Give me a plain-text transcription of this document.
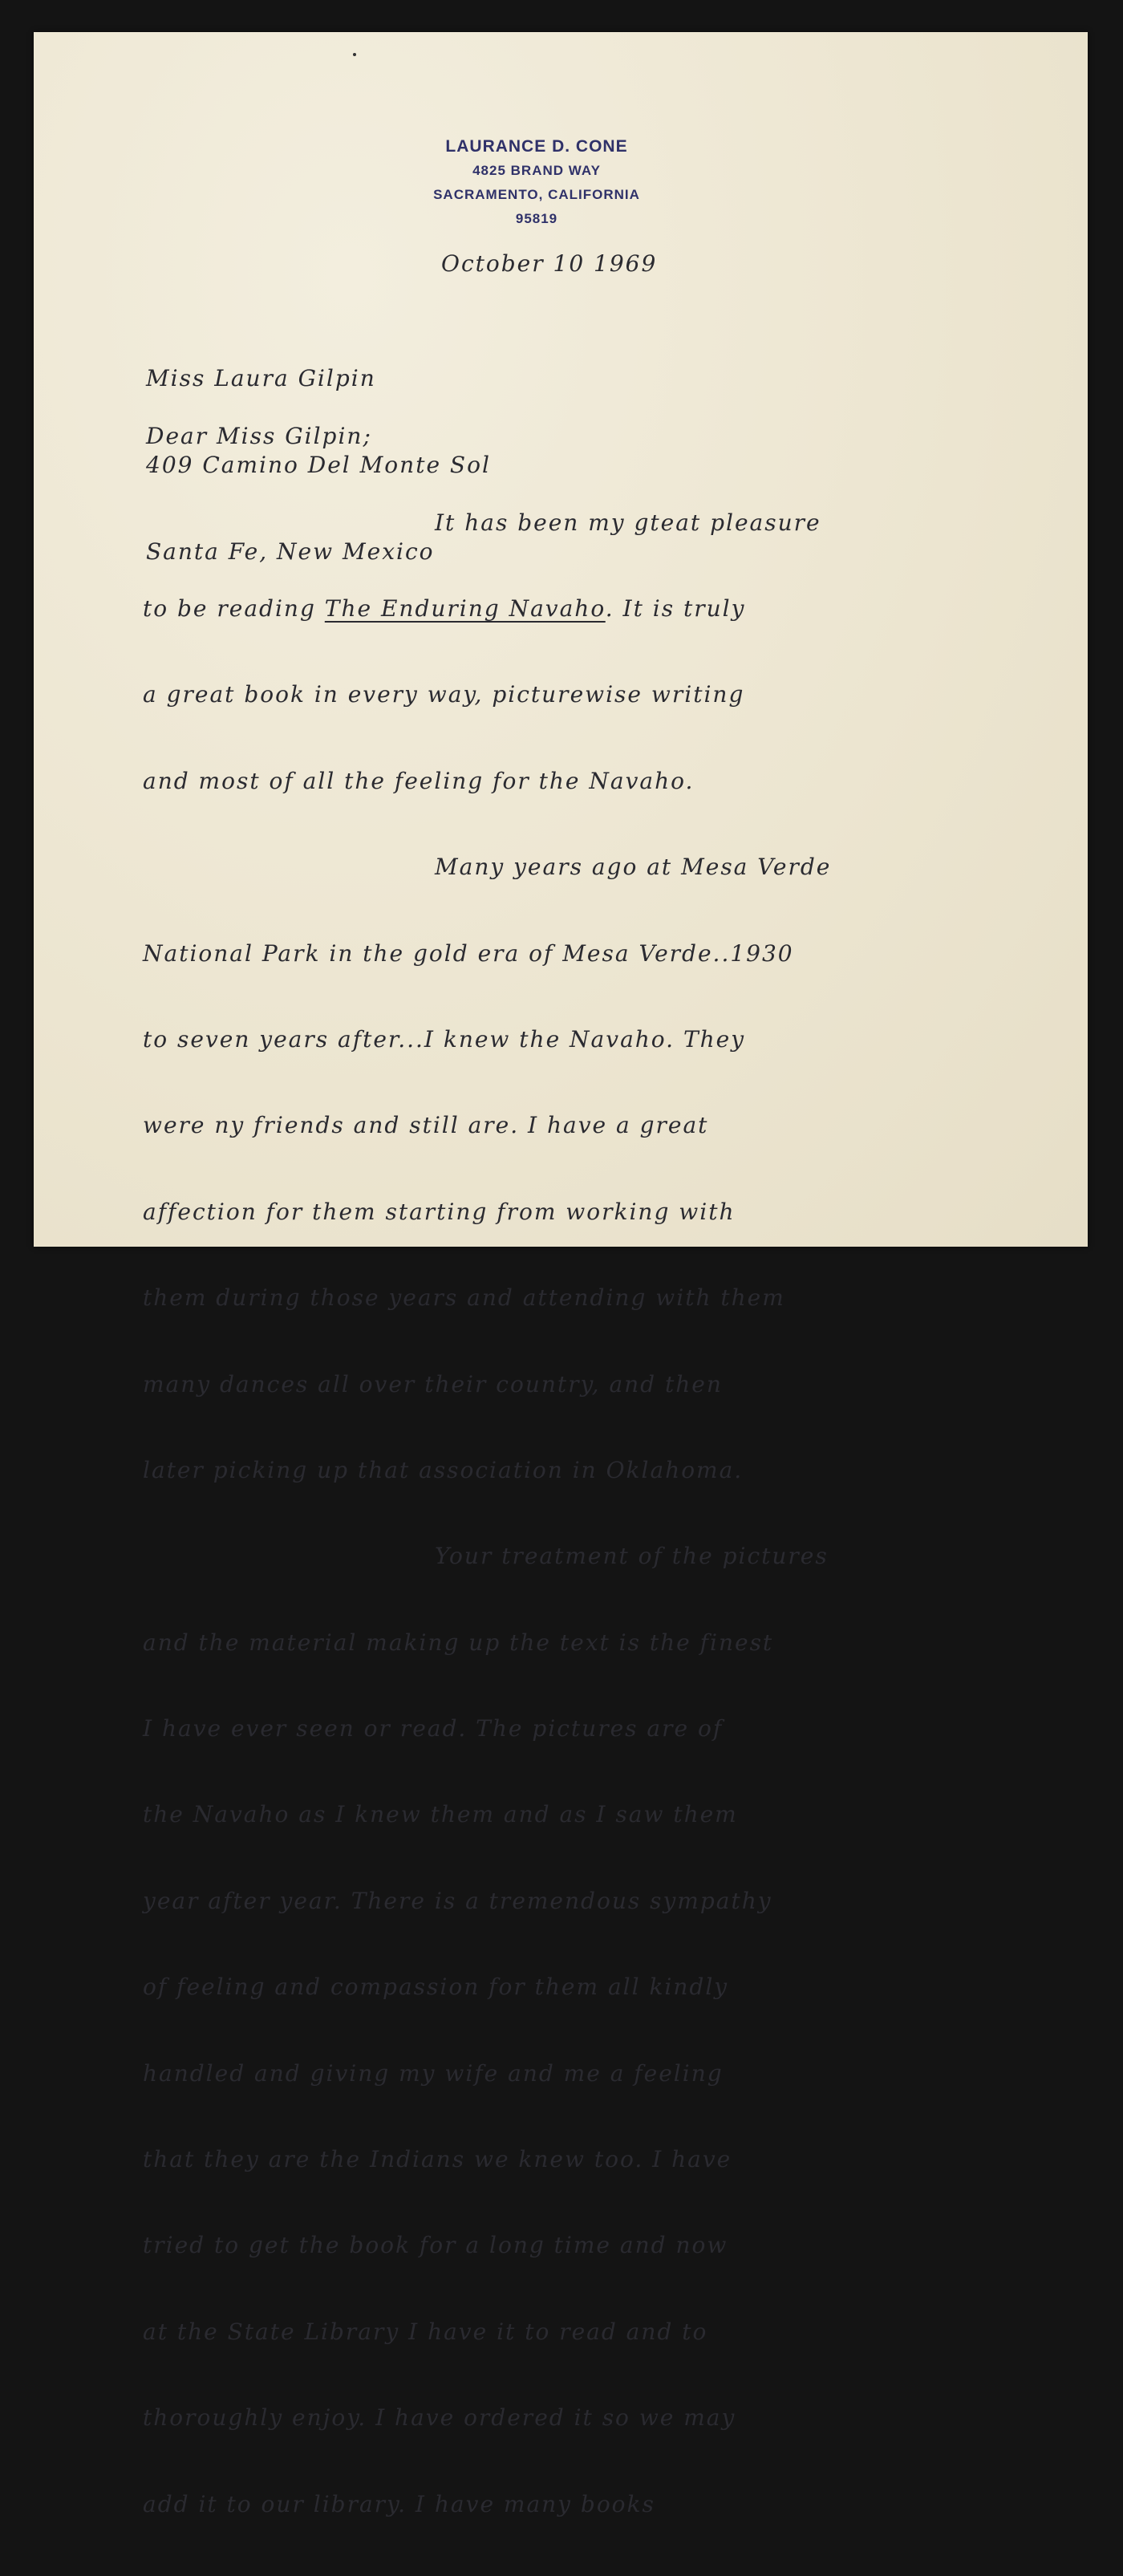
LAURANCE D. CONE
4825 BRAND WAY
SACRAMENTO, CALIFORNIA
95819
October 10 1969

Miss Laura Gilpin

409 Camino Del Monte Sol

Santa Fe, New Mexico

Dear Miss Gilpin;

It has been my gteat pleasure

to be reading The Enduring Navaho. It is truly

a great book in every way, picturewise writing

and most of all the feeling for the Navaho.

Many years ago at Mesa Verde

National Park in the gold era of Mesa Verde..1930

to seven years after...I knew the Navaho. They

were ny friends and still are. I have a great

affection for them starting from working with

them during those years and attending with them

many dances all over their country, and then

later picking up that association in Oklahoma.

Your treatment of the pictures

and the material making up the text is the finest

I have ever seen or read. The pictures are of

the Navaho as I knew them and as I saw them

year after year. There is a tremendous sympathy

of feeling and compassion for them all kindly

handled and giving my wife and me a feeling

that they are the Indians we knew too. I have

tried to get the book for a long time and now

at the State Library I have it to read and to

thoroughly enjoy. I have ordered it so we may

add it to our library. I have many books
